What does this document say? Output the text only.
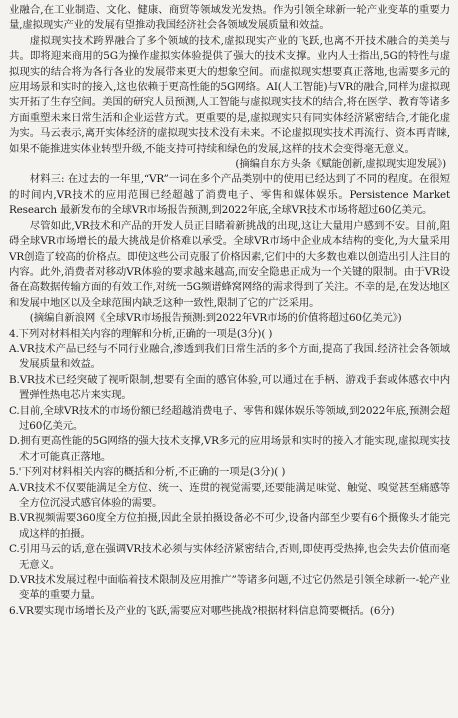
业融合,在工业制造、文化、健康、商贸等领域发光发热。作为引领全球新一轮产业变革的重要力量,虚拟现实产业的发展有望推动我国经济社会各领域发展质量和效益。

虚拟现实技术跨界融合了多个领域的技术,虚拟现实产业的飞跃,也离不开技术融合的美美与共。即将迎来商用的5G为操作虚拟实体验提供了强大的技术支撑。业内人士指出,5G的特性与虚拟现实的结合将为各行各业的发展带来更大的想象空间。而虚拟现实想要真正落地,也需要多元的应用场景和实时的接入,这也依赖于更高性能的5G网络。AI(人工智能)与VR的融合,同样为虚拟现实开拓了生存空间。美国的研究人员预测,人工智能与虚拟现实技术的结合,将在医学、教育等诸多方面重塑未来日常生活和企业运营方式。更重要的是,虚拟现实只有同实体经济紧密结合,才能化虚为实。马云表示,离开实体经济的虚拟现实技术没有未来。不论虚拟现实技术再流行、资本再青睐,如果不能推进实体业转型升级,不能支持可持续和绿色的发展,这样的技术会变得毫无意义。

(摘编自东方头条《赋能创新,虚拟现实迎发展》)

材料三: 在过去的一年里,“VR”一词在多个产品类别中的使用已经达到了不同的程度。在很短的时间内,VR技术的应用范围已经超越了消费电子、零售和媒体娱乐。Persistence Market Research 最新发布的全球VR市场报告预测,到2022年底,全球VR技术市场将超过60亿美元。

尽管如此,VR技术和产品的开发人员正目睹着新挑战的出现,这让大量用户感到不安。目前,阻碍全球VR市场增长的最大挑战是价格难以承受。全球VR市场中企业成本结构的变化,为大量采用VR创造了较高的价格点。即使这些公司克服了价格因素,它们中的大多数也难以创造出引人注目的内容。此外,消费者对移动VR体验的要求越来越高,而安全隐患正成为一个关键的限制。由于VR设备在高数据传输方面的有效工作,对统一5G频谱蜂窝网络的需求得到了关注。不幸的是,在发达地区和发展中地区以及全球范围内缺乏这种一致性,限制了它的广泛采用。

(摘编自新浪网《全球VR市场报告预测:到2022年VR市场的价值将超过60亿美元》)

4.下列对材料相关内容的理解和分析,正确的一项是(3分)( )

A.VR技术产品已经与不同行业融合,渗透到我们日常生活的多个方面,提高了我国.经济社会各领域发展质量和效益。

B.VR技术已经突破了视听限制,想要有全面的感官体验,可以通过在手柄、游戏手套或体感衣中内置弹性热电芯片来实现。

C.目前,全球VR技术的市场份额已经超越消费电子、零售和媒体娱乐等领域,到2022年底,预测会超过60亿美元。

D.拥有更高性能的5G网络的强大技术支撑,VR多元的应用场景和实时的接入才能实现,虚拟现实技术才可能真正落地。

5.'下列对材料相关内容的概括和分析,不正确的一项是(3分)( )

A.VR技术不仅要能满足全方位、统一、连贯的视觉需要,还要能满足味觉、触觉、嗅觉甚至痛感等全方位沉浸式感官体验的需要。

B.VR视频需要360度全方位拍摄,因此全景拍摄设备必不可少,设备内部至少要有6个摄像头才能完成这样的拍摄。

C.引用马云的话,意在强调VR技术必须与实体经济紧密结合,否则,即使再受热捧,也会失去价值而毫无意义。

D.VR技术发展过程中面临着技术限制及应用推广”等诸多问题,不过它仍然是引领全球新一-轮产业变革的重要力量。

6.VR要实现市场增长及产业的飞跃,需要应对哪些挑战?根据材料信息简要概括。(6分)
